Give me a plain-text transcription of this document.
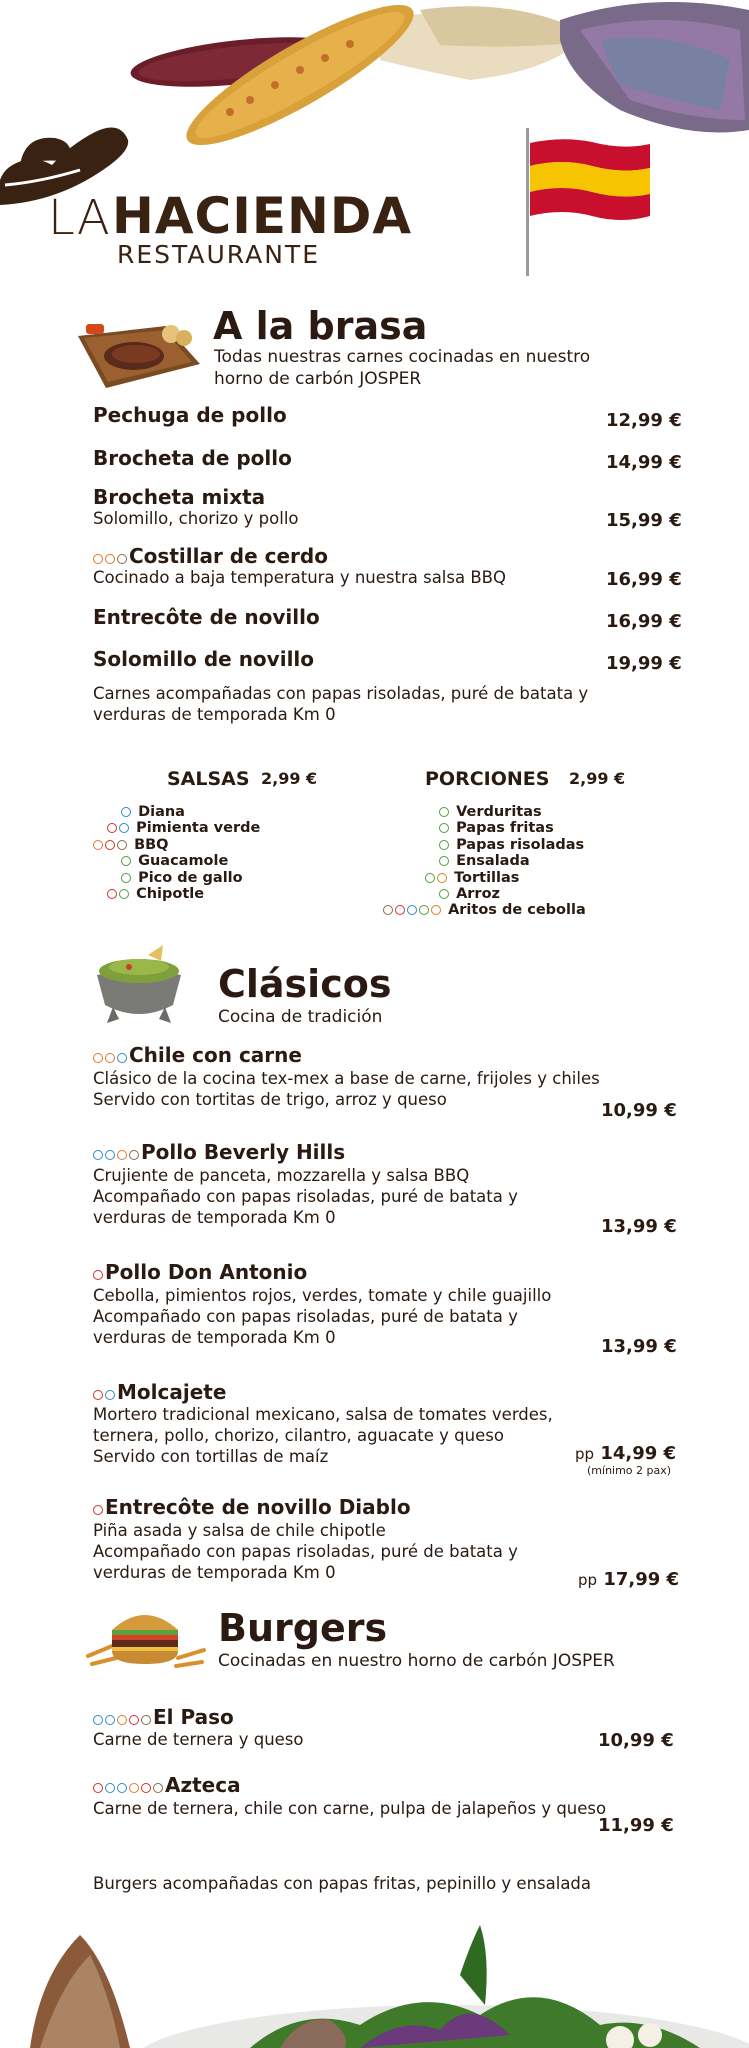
LA HACIENDA
RESTAURANTE
A la brasa
Todas nuestras carnes cocinadas en nuestro
horno de carbón JOSPER
Pechuga de pollo	12,99 €
Brocheta de pollo	14,99 €
Brocheta mixta
Solomillo, chorizo y pollo	15,99 €
Costillar de cerdo
Cocinado a baja temperatura y nuestra salsa BBQ	16,99 €
Entrecôte de novillo	16,99 €
Solomillo de novillo	19,99 €
Carnes acompañadas con papas risoladas, puré de batata y
verduras de temporada Km 0
SALSAS 2,99 €
Diana
Pimienta verde
BBQ
Guacamole
Pico de gallo
Chipotle
PORCIONES 2,99 €
Verduritas
Papas fritas
Papas risoladas
Ensalada
Tortillas
Arroz
Aritos de cebolla
Clásicos
Cocina de tradición
Chile con carne
Clásico de la cocina tex-mex a base de carne, frijoles y chiles
Servido con tortitas de trigo, arroz y queso
10,99 €
Pollo Beverly Hills
Crujiente de panceta, mozzarella y salsa BBQ
Acompañado con papas risoladas, puré de batata y
verduras de temporada Km 0	13,99 €
Pollo Don Antonio
Cebolla, pimientos rojos, verdes, tomate y chile guajillo
Acompañado con papas risoladas, puré de batata y
verduras de temporada Km 0	13,99 €
Molcajete
Mortero tradicional mexicano, salsa de tomates verdes,
ternera, pollo, chorizo, cilantro, aguacate y queso
Servido con tortillas de maíz	pp 14,99 €
(mínimo 2 pax)
Entrecôte de novillo Diablo
Piña asada y salsa de chile chipotle
Acompañado con papas risoladas, puré de batata y
verduras de temporada Km 0	pp 17,99 €
Burgers
Cocinadas en nuestro horno de carbón JOSPER
El Paso
Carne de ternera y queso	10,99 €
Azteca
Carne de ternera, chile con carne, pulpa de jalapeños y queso
11,99 €
Burgers acompañadas con papas fritas, pepinillo y ensalada
